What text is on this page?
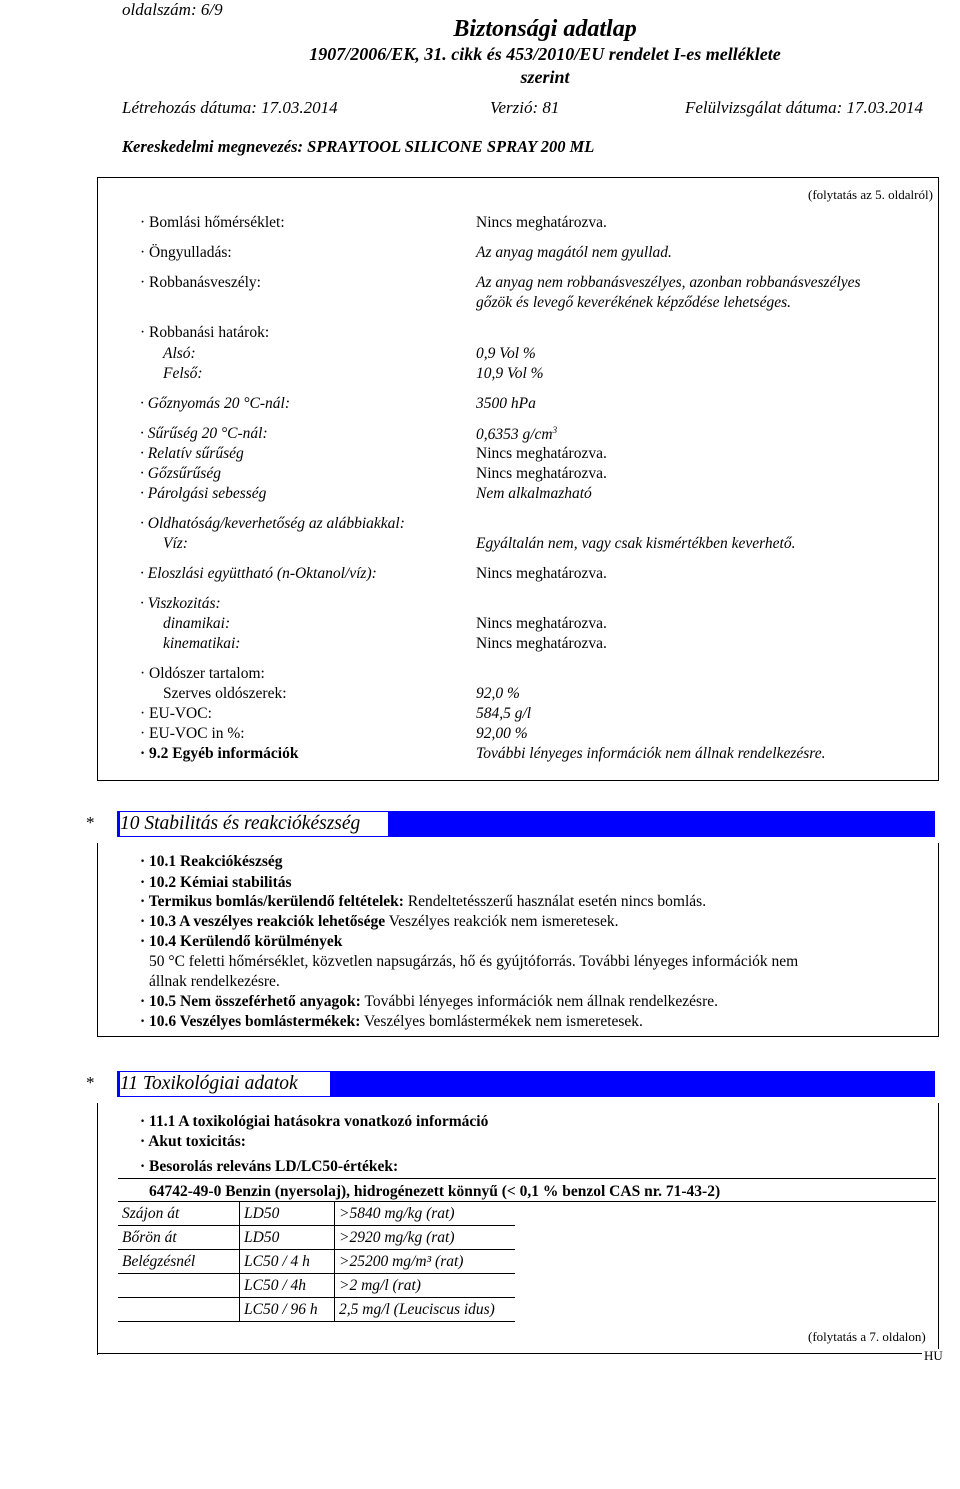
oldalszám: 6/9
Biztonsági adatlap
1907/2006/EK, 31. cikk és 453/2010/EU rendelet I-es melléklete
szerint
Létrehozás dátuma: 17.03.2014	Verzió: 81	Felülvizsgálat dátuma: 17.03.2014
Kereskedelmi megnevezés: SPRAYTOOL SILICONE SPRAY 200 ML
(folytatás az 5. oldalról)
· Bomlási hőmérséklet:	Nincs meghatározva.
· Öngyulladás:	Az anyag magától nem gyullad.
· Robbanásveszély:	Az anyag nem robbanásveszélyes, azonban robbanásveszélyes
gőzök és levegő keverékének képződése lehetséges.
· Robbanási határok:
Alsó:	0,9 Vol %
Felső:	10,9 Vol %
· Gőznyomás 20 °C-nál:	3500 hPa
· Sűrűség 20 °C-nál:	0,6353 $g/cm^3$
· Relatív sűrűség	Nincs meghatározva.
· Gőzsűrűség	Nincs meghatározva.
· Párolgási sebesség	Nem alkalmazható
· Oldhatóság/keverhetőség az alábbiakkal:
Víz:	Egyáltalán nem, vagy csak kismértékben keverhető.
· Eloszlási együttható (n-Oktanol/víz):	Nincs meghatározva.
· Viszkozitás:
dinamikai:	Nincs meghatározva.
kinematikai:	Nincs meghatározva.
· Oldószer tartalom:
Szerves oldószerek:	92,0 %
· EU-VOC:	584,5 g/l
· EU-VOC in %:	92,00 %
· 9.2 Egyéb információk	További lényeges információk nem állnak rendelkezésre.
* 10 Stabilitás és reakciókészség
· 10.1 Reakciókészség
· 10.2 Kémiai stabilitás
· Termikus bomlás/kerülendő feltételek: Rendeltetésszerű használat esetén nincs bomlás.
· 10.3 A veszélyes reakciók lehetősége Veszélyes reakciók nem ismeretesek.
· 10.4 Kerülendő körülmények
50 °C feletti hőmérséklet, közvetlen napsugárzás, hő és gyújtóforrás. További lényeges információk nem
állnak rendelkezésre.
· 10.5 Nem összeférhető anyagok: További lényeges információk nem állnak rendelkezésre.
· 10.6 Veszélyes bomlástermékek: Veszélyes bomlástermékek nem ismeretesek.
* 11 Toxikológiai adatok
· 11.1 A toxikológiai hatásokra vonatkozó információ
· Akut toxicitás:
· Besorolás releváns LD/LC50-értékek:
64742-49-0 Benzin (nyersolaj), hidrogénezett könnyű (< 0,1 % benzol CAS nr. 71-43-2)
Szájon át	LD50	>5840 mg/kg (rat)
Bőrön át	LD50	>2920 mg/kg (rat)
Belégzésnél	LC50 / 4 h	>25200 mg/m³ (rat)
	LC50 / 4h	>2 mg/l (rat)
	LC50 / 96 h	2,5 mg/l (Leuciscus idus)
(folytatás a 7. oldalon)
HU
